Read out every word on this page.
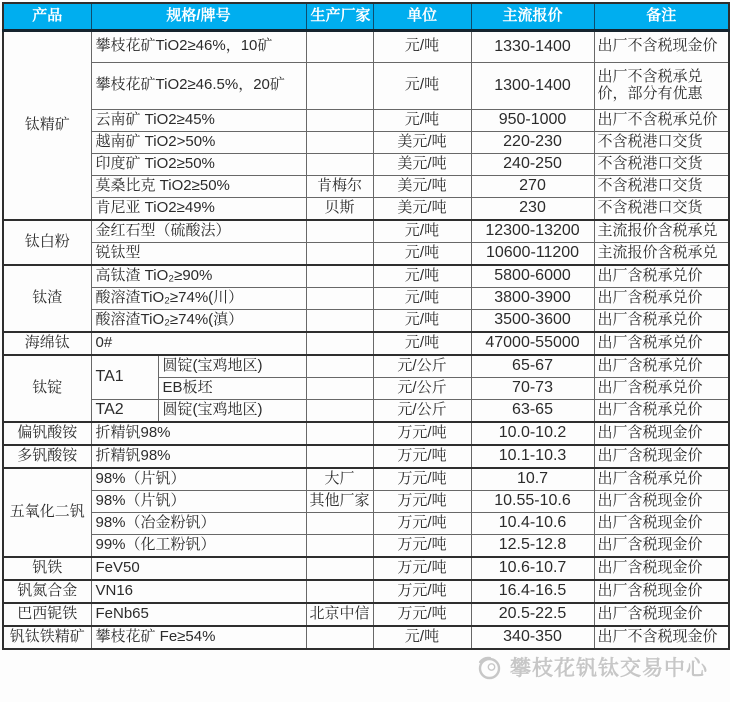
产品	规格/牌号		生产厂家	单位	主流报价	备注
钛精矿	攀枝花矿TiO2≥46%，10矿			元/吨	1330-1400	出厂不含税现金价
	攀枝花矿TiO2≥46.5%，20矿			元/吨	1300-1400	出厂不含税承兑价，部分有优惠
	云南矿 TiO2≥45%			元/吨	950-1000	出厂不含税承兑价
	越南矿 TiO2>50%			美元/吨	220-230	不含税港口交货
	印度矿 TiO2≥50%			美元/吨	240-250	不含税港口交货
	莫桑比克 TiO2≥50%		肯梅尔	美元/吨	270	不含税港口交货
	肯尼亚 TiO2≥49%		贝斯	美元/吨	230	不含税港口交货
钛白粉	金红石型（硫酸法）			元/吨	12300-13200	主流报价含税承兑
	锐钛型			元/吨	10600-11200	主流报价含税承兑
钛渣	高钛渣 TiO₂≥90%			元/吨	5800-6000	出厂含税承兑价
	酸溶渣TiO₂≥74%(川）			元/吨	3800-3900	出厂含税承兑价
	酸溶渣TiO₂≥74%(滇）			元/吨	3500-3600	出厂含税承兑价
海绵钛	0#			元/吨	47000-55000	出厂含税承兑价
钛锭	TA1	圆锭(宝鸡地区)		元/公斤	65-67	出厂含税承兑价
		EB板坯		元/公斤	70-73	出厂含税承兑价
	TA2	圆锭(宝鸡地区)		元/公斤	63-65	出厂含税承兑价
偏钒酸铵	折精钒98%			万元/吨	10.0-10.2	出厂含税现金价
多钒酸铵	折精钒98%			万元/吨	10.1-10.3	出厂含税现金价
五氧化二钒	98%（片钒）		大厂	万元/吨	10.7	出厂含税承兑价
	98%（片钒）		其他厂家	万元/吨	10.55-10.6	出厂含税现金价
	98%（冶金粉钒）			万元/吨	10.4-10.6	出厂含税现金价
	99%（化工粉钒）			万元/吨	12.5-12.8	出厂含税现金价
钒铁	FeV50			万元/吨	10.6-10.7	出厂含税现金价
钒氮合金	VN16			万元/吨	16.4-16.5	出厂含税现金价
巴西铌铁	FeNb65		北京中信	万元/吨	20.5-22.5	出厂含税现金价
钒钛铁精矿	攀枝花矿 Fe≥54%			元/吨	340-350	出厂不含税现金价
攀枝花钒钛交易中心
